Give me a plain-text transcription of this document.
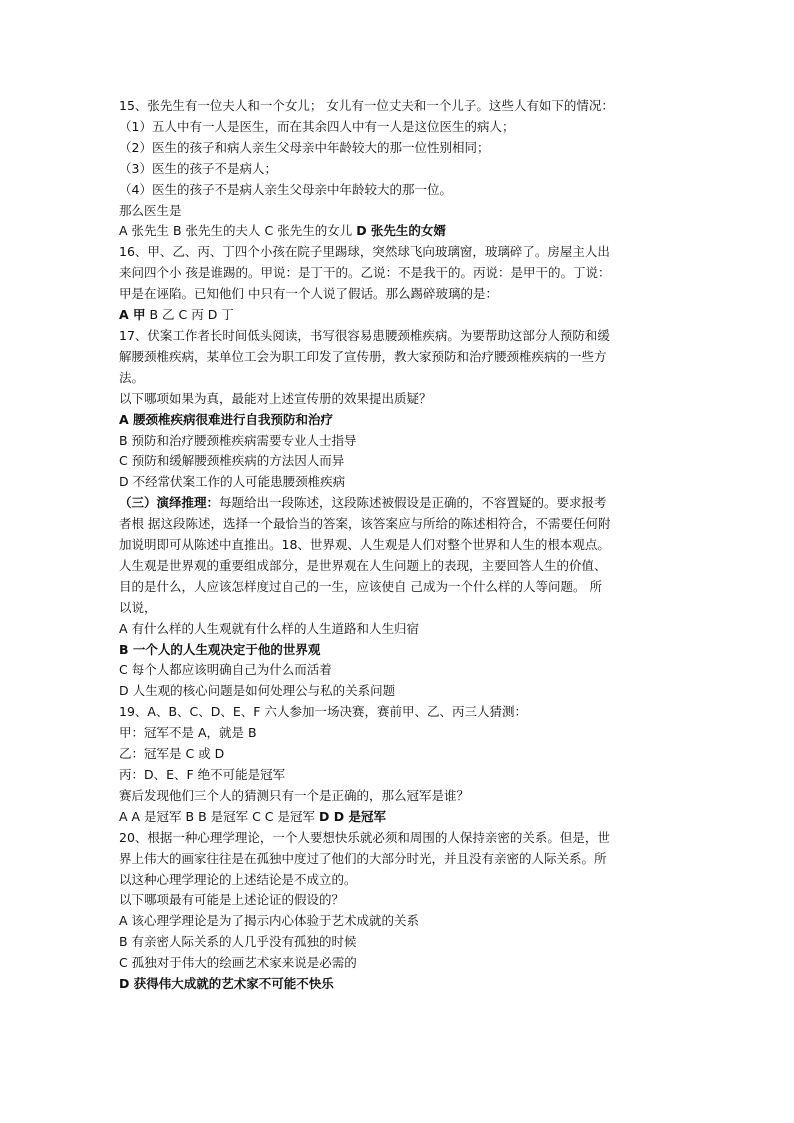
15、张先生有一位夫人和一个女儿； 女儿有一位丈夫和一个儿子。这些人有如下的情况：
（1）五人中有一人是医生，而在其余四人中有一人是这位医生的病人；
（2）医生的孩子和病人亲生父母亲中年龄较大的那一位性别相同；
（3）医生的孩子不是病人；
（4）医生的孩子不是病人亲生父母亲中年龄较大的那一位。
那么医生是
A 张先生 B 张先生的夫人 C 张先生的女儿 D 张先生的女婿
16、甲、乙、丙、丁四个小孩在院子里踢球，突然球飞向玻璃窗，玻璃碎了。房屋主人出
来问四个小 孩是谁踢的。甲说：是丁干的。乙说：不是我干的。丙说：是甲干的。丁说：
甲是在诬陷。已知他们 中只有一个人说了假话。那么踢碎玻璃的是：
A 甲 B 乙 C 丙 D 丁
17、伏案工作者长时间低头阅读，书写很容易患腰颈椎疾病。为要帮助这部分人预防和缓
解腰颈椎疾病，某单位工会为职工印发了宣传册，教大家预防和治疗腰颈椎疾病的一些方
法。
以下哪项如果为真，最能对上述宣传册的效果提出质疑？
A 腰颈椎疾病很难进行自我预防和治疗
B 预防和治疗腰颈椎疾病需要专业人士指导
C 预防和缓解腰颈椎疾病的方法因人而异
D 不经常伏案工作的人可能患腰颈椎疾病
（三）演绎推理：每题给出一段陈述，这段陈述被假设是正确的，不容置疑的。要求报考
者根 据这段陈述，选择一个最恰当的答案，该答案应与所给的陈述相符合，不需要任何附
加说明即可从陈述中直推出。18、世界观、人生观是人们对整个世界和人生的根本观点。
人生观是世界观的重要组成部分，是世界观在人生问题上的表现，主要回答人生的价值、
目的是什么，人应该怎样度过自己的一生，应该使自 己成为一个什么样的人等问题。 所
以说，
A 有什么样的人生观就有什么样的人生道路和人生归宿
B 一个人的人生观决定于他的世界观
C 每个人都应该明确自己为什么而活着
D 人生观的核心问题是如何处理公与私的关系问题
19、A、B、C、D、E、F 六人参加一场决赛，赛前甲、乙、丙三人猜测：
甲：冠军不是 A，就是 B
乙：冠军是 C 或 D
丙：D、E、F 绝不可能是冠军
赛后发现他们三个人的猜测只有一个是正确的，那么冠军是谁？
A A 是冠军 B B 是冠军 C C 是冠军 D D 是冠军
20、根据一种心理学理论，一个人要想快乐就必须和周围的人保持亲密的关系。但是，世
界上伟大的画家往往是在孤独中度过了他们的大部分时光，并且没有亲密的人际关系。所
以这种心理学理论的上述结论是不成立的。
以下哪项最有可能是上述论证的假设的？
A 该心理学理论是为了揭示内心体验于艺术成就的关系
B 有亲密人际关系的人几乎没有孤独的时候
C 孤独对于伟大的绘画艺术家来说是必需的
D 获得伟大成就的艺术家不可能不快乐
